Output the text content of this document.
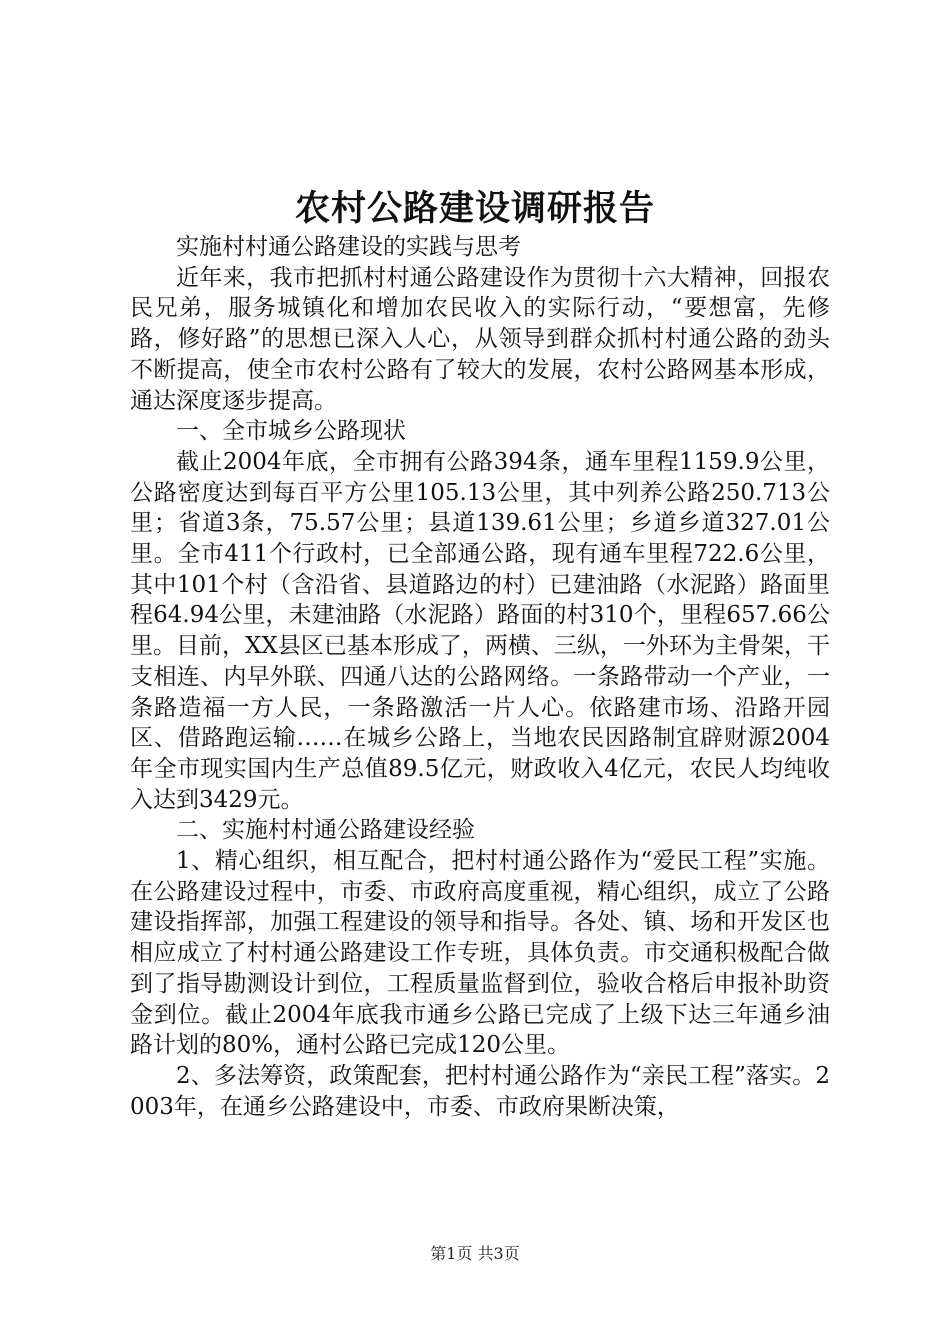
农村公路建设调研报告

实施村村通公路建设的实践与思考

近年来，我市把抓村村通公路建设作为贯彻十六大精神，回报农民兄弟，服务城镇化和增加农民收入的实际行动，“要想富，先修路，修好路”的思想已深入人心，从领导到群众抓村村通公路的劲头不断提高，使全市农村公路有了较大的发展，农村公路网基本形成，通达深度逐步提高。

一、全市城乡公路现状

截止2004年底，全市拥有公路394条，通车里程1159.9公里，公路密度达到每百平方公里105.13公里，其中列养公路250.713公里；省道3条，75.57公里；县道139.61公里；乡道乡道327.01公里。全市411个行政村，已全部通公路，现有通车里程722.6公里，其中101个村（含沿省、县道路边的村）已建油路（水泥路）路面里程64.94公里，未建油路（水泥路）路面的村310个，里程657.66公里。目前，XX县区已基本形成了，两横、三纵，一外环为主骨架，干支相连、内早外联、四通八达的公路网络。一条路带动一个产业，一条路造福一方人民，一条路激活一片人心。依路建市场、沿路开园区、借路跑运输……在城乡公路上，当地农民因路制宜辟财源2004年全市现实国内生产总值89.5亿元，财政收入4亿元，农民人均纯收入达到3429元。

二、实施村村通公路建设经验

1、精心组织，相互配合，把村村通公路作为“爱民工程”实施。在公路建设过程中，市委、市政府高度重视，精心组织，成立了公路建设指挥部，加强工程建设的领导和指导。各处、镇、场和开发区也相应成立了村村通公路建设工作专班，具体负责。市交通积极配合做到了指导勘测设计到位，工程质量监督到位，验收合格后申报补助资金到位。截止2004年底我市通乡公路已完成了上级下达三年通乡油路计划的80%，通村公路已完成120公里。

2、多法筹资，政策配套，把村村通公路作为“亲民工程”落实。2003年，在通乡公路建设中，市委、市政府果断决策，

第1页 共3页
